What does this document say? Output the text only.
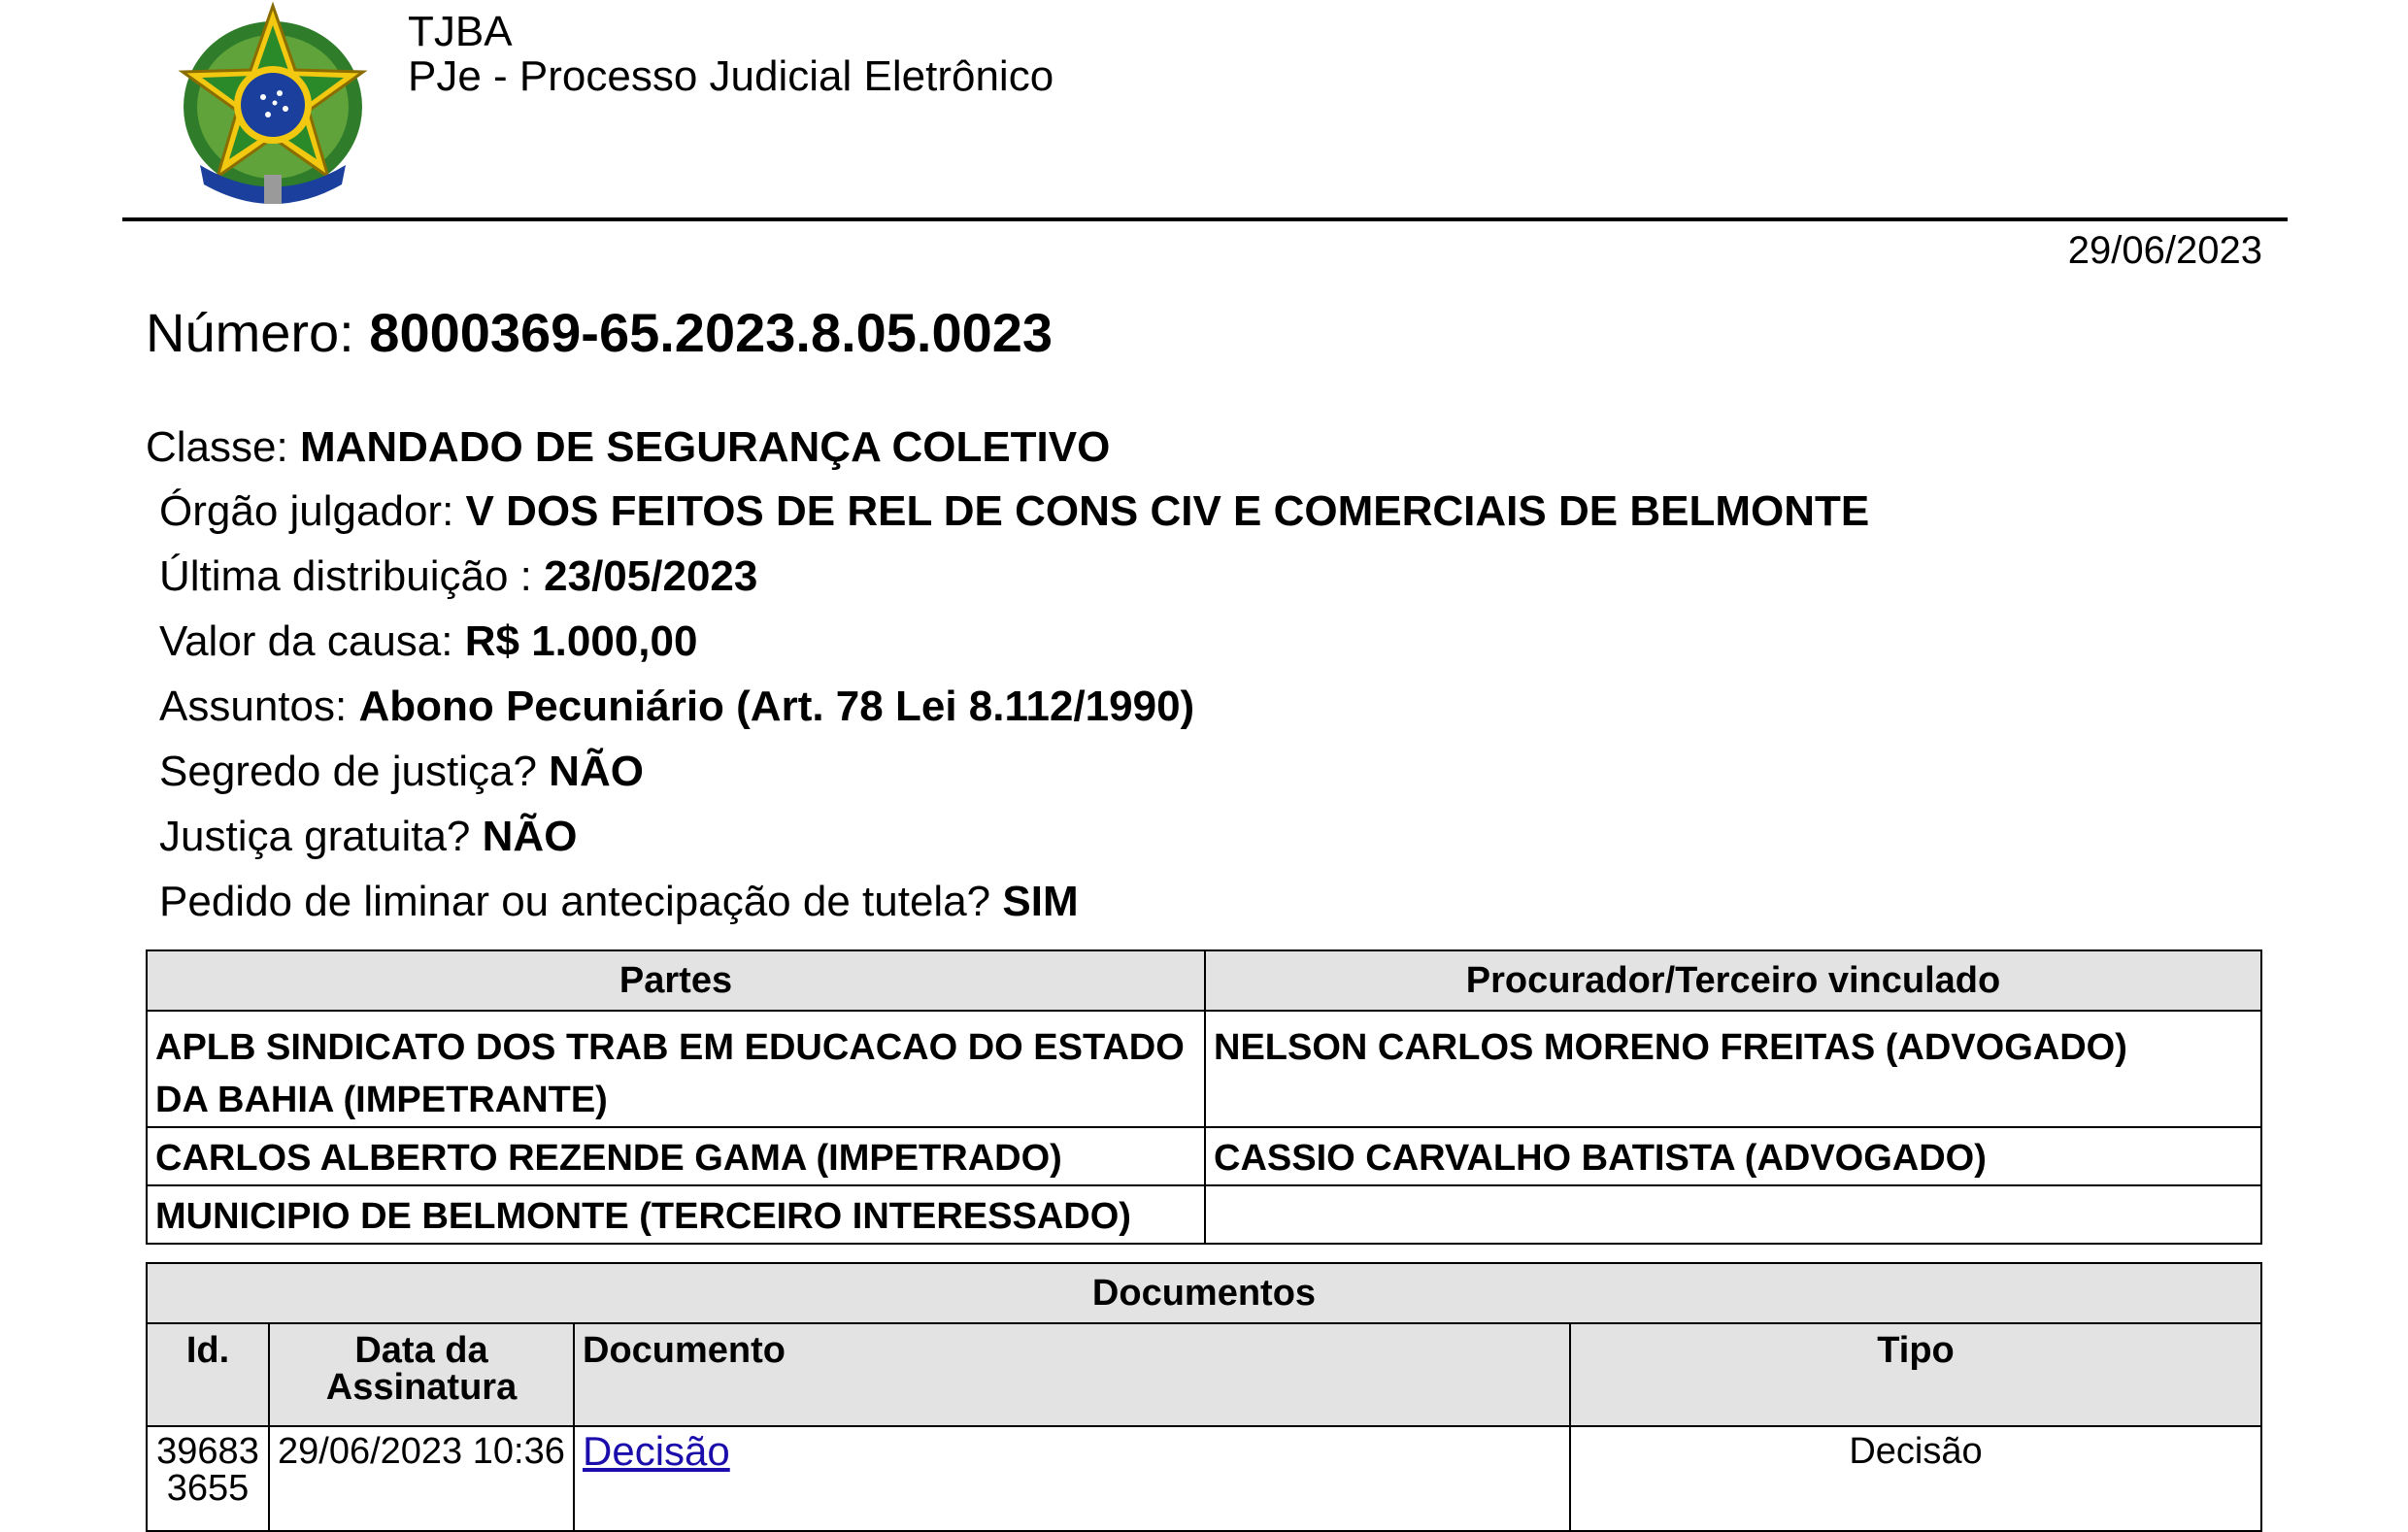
TJBA
PJe - Processo Judicial Eletrônico
29/06/2023
Número: 8000369-65.2023.8.05.0023
Classe: MANDADO DE SEGURANÇA COLETIVO
Órgão julgador: V DOS FEITOS DE REL DE CONS CIV E COMERCIAIS DE BELMONTE
Última distribuição : 23/05/2023
Valor da causa: R$ 1.000,00
Assuntos: Abono Pecuniário (Art. 78 Lei 8.112/1990)
Segredo de justiça? NÃO
Justiça gratuita? NÃO
Pedido de liminar ou antecipação de tutela? SIM
Partes	Procurador/Terceiro vinculado
APLB SINDICATO DOS TRAB EM EDUCACAO DO ESTADO DA BAHIA (IMPETRANTE)	NELSON CARLOS MORENO FREITAS (ADVOGADO)
CARLOS ALBERTO REZENDE GAMA (IMPETRADO)	CASSIO CARVALHO BATISTA (ADVOGADO)
MUNICIPIO DE BELMONTE (TERCEIRO INTERESSADO)	
Documentos			
Id.	Data da Assinatura	Documento	Tipo
39683 3655	29/06/2023 10:36	Decisão	Decisão
